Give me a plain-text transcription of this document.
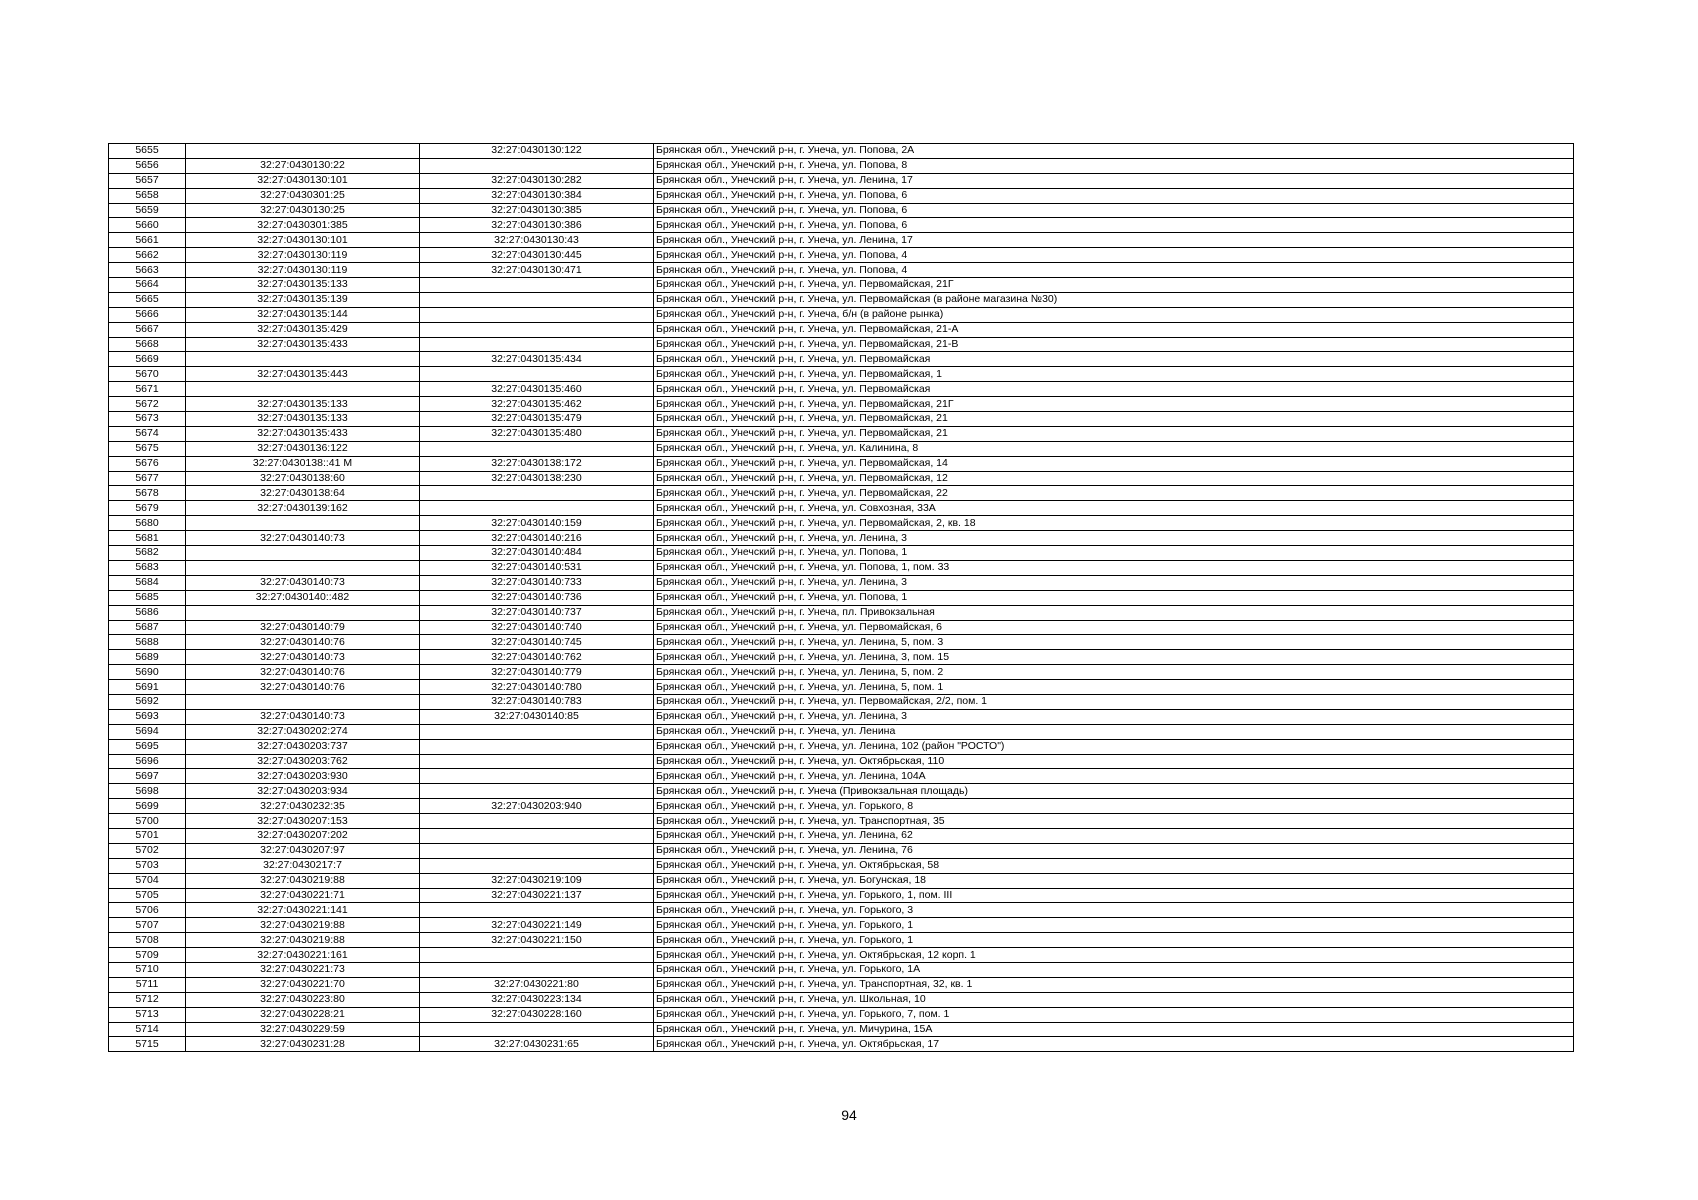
5655		32:27:0430130:122	Брянская обл., Унечский р-н, г. Унеча, ул. Попова, 2А
5656	32:27:0430130:22		Брянская обл., Унечский р-н, г. Унеча, ул. Попова, 8
5657	32:27:0430130:101	32:27:0430130:282	Брянская обл., Унечский р-н, г. Унеча, ул. Ленина, 17
5658	32:27:0430301:25	32:27:0430130:384	Брянская обл., Унечский р-н, г. Унеча, ул. Попова, 6
5659	32:27:0430130:25	32:27:0430130:385	Брянская обл., Унечский р-н, г. Унеча, ул. Попова, 6
5660	32:27:0430301:385	32:27:0430130:386	Брянская обл., Унечский р-н, г. Унеча, ул. Попова, 6
5661	32:27:0430130:101	32:27:0430130:43	Брянская обл., Унечский р-н, г. Унеча, ул. Ленина, 17
5662	32:27:0430130:119	32:27:0430130:445	Брянская обл., Унечский р-н, г. Унеча, ул. Попова, 4
5663	32:27:0430130:119	32:27:0430130:471	Брянская обл., Унечский р-н, г. Унеча, ул. Попова, 4
5664	32:27:0430135:133		Брянская обл., Унечский р-н, г. Унеча, ул. Первомайская, 21Г
5665	32:27:0430135:139		Брянская обл., Унечский р-н, г. Унеча, ул. Первомайская (в районе магазина №30)
5666	32:27:0430135:144		Брянская обл., Унечский р-н, г. Унеча, б/н (в районе рынка)
5667	32:27:0430135:429		Брянская обл., Унечский р-н, г. Унеча, ул. Первомайская, 21-А
5668	32:27:0430135:433		Брянская обл., Унечский р-н, г. Унеча, ул. Первомайская, 21-В
5669		32:27:0430135:434	Брянская обл., Унечский р-н, г. Унеча, ул. Первомайская
5670	32:27:0430135:443		Брянская обл., Унечский р-н, г. Унеча, ул. Первомайская, 1
5671		32:27:0430135:460	Брянская обл., Унечский р-н, г. Унеча, ул. Первомайская
5672	32:27:0430135:133	32:27:0430135:462	Брянская обл., Унечский р-н, г. Унеча, ул. Первомайская, 21Г
5673	32:27:0430135:133	32:27:0430135:479	Брянская обл., Унечский р-н, г. Унеча, ул. Первомайская, 21
5674	32:27:0430135:433	32:27:0430135:480	Брянская обл., Унечский р-н, г. Унеча, ул. Первомайская, 21
5675	32:27:0430136:122		Брянская обл., Унечский р-н, г. Унеча, ул. Калинина, 8
5676	32:27:0430138::41 М	32:27:0430138:172	Брянская обл., Унечский р-н, г. Унеча, ул. Первомайская, 14
5677	32:27:0430138:60	32:27:0430138:230	Брянская обл., Унечский р-н, г. Унеча, ул. Первомайская, 12
5678	32:27:0430138:64		Брянская обл., Унечский р-н, г. Унеча, ул. Первомайская, 22
5679	32:27:0430139:162		Брянская обл., Унечский р-н, г. Унеча, ул. Совхозная, 33А
5680		32:27:0430140:159	Брянская обл., Унечский р-н, г. Унеча, ул. Первомайская, 2, кв. 18
5681	32:27:0430140:73	32:27:0430140:216	Брянская обл., Унечский р-н, г. Унеча, ул. Ленина, 3
5682		32:27:0430140:484	Брянская обл., Унечский р-н, г. Унеча, ул. Попова, 1
5683		32:27:0430140:531	Брянская обл., Унечский р-н, г. Унеча, ул. Попова, 1, пом. 33
5684	32:27:0430140:73	32:27:0430140:733	Брянская обл., Унечский р-н, г. Унеча, ул. Ленина, 3
5685	32:27:0430140::482	32:27:0430140:736	Брянская обл., Унечский р-н, г. Унеча, ул. Попова, 1
5686		32:27:0430140:737	Брянская обл., Унечский р-н, г. Унеча, пл. Привокзальная
5687	32:27:0430140:79	32:27:0430140:740	Брянская обл., Унечский р-н, г. Унеча, ул. Первомайская, 6
5688	32:27:0430140:76	32:27:0430140:745	Брянская обл., Унечский р-н, г. Унеча, ул. Ленина, 5, пом. 3
5689	32:27:0430140:73	32:27:0430140:762	Брянская обл., Унечский р-н, г. Унеча, ул. Ленина, 3, пом. 15
5690	32:27:0430140:76	32:27:0430140:779	Брянская обл., Унечский р-н, г. Унеча, ул. Ленина, 5, пом. 2
5691	32:27:0430140:76	32:27:0430140:780	Брянская обл., Унечский р-н, г. Унеча, ул. Ленина, 5, пом. 1
5692		32:27:0430140:783	Брянская обл., Унечский р-н, г. Унеча, ул. Первомайская, 2/2, пом. 1
5693	32:27:0430140:73	32:27:0430140:85	Брянская обл., Унечский р-н, г. Унеча, ул. Ленина, 3
5694	32:27:0430202:274		Брянская обл., Унечский р-н, г. Унеча, ул. Ленина
5695	32:27:0430203:737		Брянская обл., Унечский р-н, г. Унеча, ул. Ленина, 102 (район "РОСТО")
5696	32:27:0430203:762		Брянская обл., Унечский р-н, г. Унеча, ул. Октябрьская, 110
5697	32:27:0430203:930		Брянская обл., Унечский р-н, г. Унеча, ул. Ленина, 104А
5698	32:27:0430203:934		Брянская обл., Унечский р-н, г. Унеча (Привокзальная площадь)
5699	32:27:0430232:35	32:27:0430203:940	Брянская обл., Унечский р-н, г. Унеча, ул. Горького, 8
5700	32:27:0430207:153		Брянская обл., Унечский р-н, г. Унеча, ул. Транспортная, 35
5701	32:27:0430207:202		Брянская обл., Унечский р-н, г. Унеча, ул. Ленина, 62
5702	32:27:0430207:97		Брянская обл., Унечский р-н, г. Унеча, ул. Ленина, 76
5703	32:27:0430217:7		Брянская обл., Унечский р-н, г. Унеча, ул. Октябрьская, 58
5704	32:27:0430219:88	32:27:0430219:109	Брянская обл., Унечский р-н, г. Унеча, ул. Богунская, 18
5705	32:27:0430221:71	32:27:0430221:137	Брянская обл., Унечский р-н, г. Унеча, ул. Горького, 1, пом. III
5706	32:27:0430221:141		Брянская обл., Унечский р-н, г. Унеча, ул. Горького, 3
5707	32:27:0430219:88	32:27:0430221:149	Брянская обл., Унечский р-н, г. Унеча, ул. Горького, 1
5708	32:27:0430219:88	32:27:0430221:150	Брянская обл., Унечский р-н, г. Унеча, ул. Горького, 1
5709	32:27:0430221:161		Брянская обл., Унечский р-н, г. Унеча, ул. Октябрьская, 12 корп. 1
5710	32:27:0430221:73		Брянская обл., Унечский р-н, г. Унеча, ул. Горького, 1А
5711	32:27:0430221:70	32:27:0430221:80	Брянская обл., Унечский р-н, г. Унеча, ул. Транспортная, 32, кв. 1
5712	32:27:0430223:80	32:27:0430223:134	Брянская обл., Унечский р-н, г. Унеча, ул. Школьная, 10
5713	32:27:0430228:21	32:27:0430228:160	Брянская обл., Унечский р-н, г. Унеча, ул. Горького, 7, пом. 1
5714	32:27:0430229:59		Брянская обл., Унечский р-н, г. Унеча, ул. Мичурина, 15А
5715	32:27:0430231:28	32:27:0430231:65	Брянская обл., Унечский р-н, г. Унеча, ул. Октябрьская, 17
94
